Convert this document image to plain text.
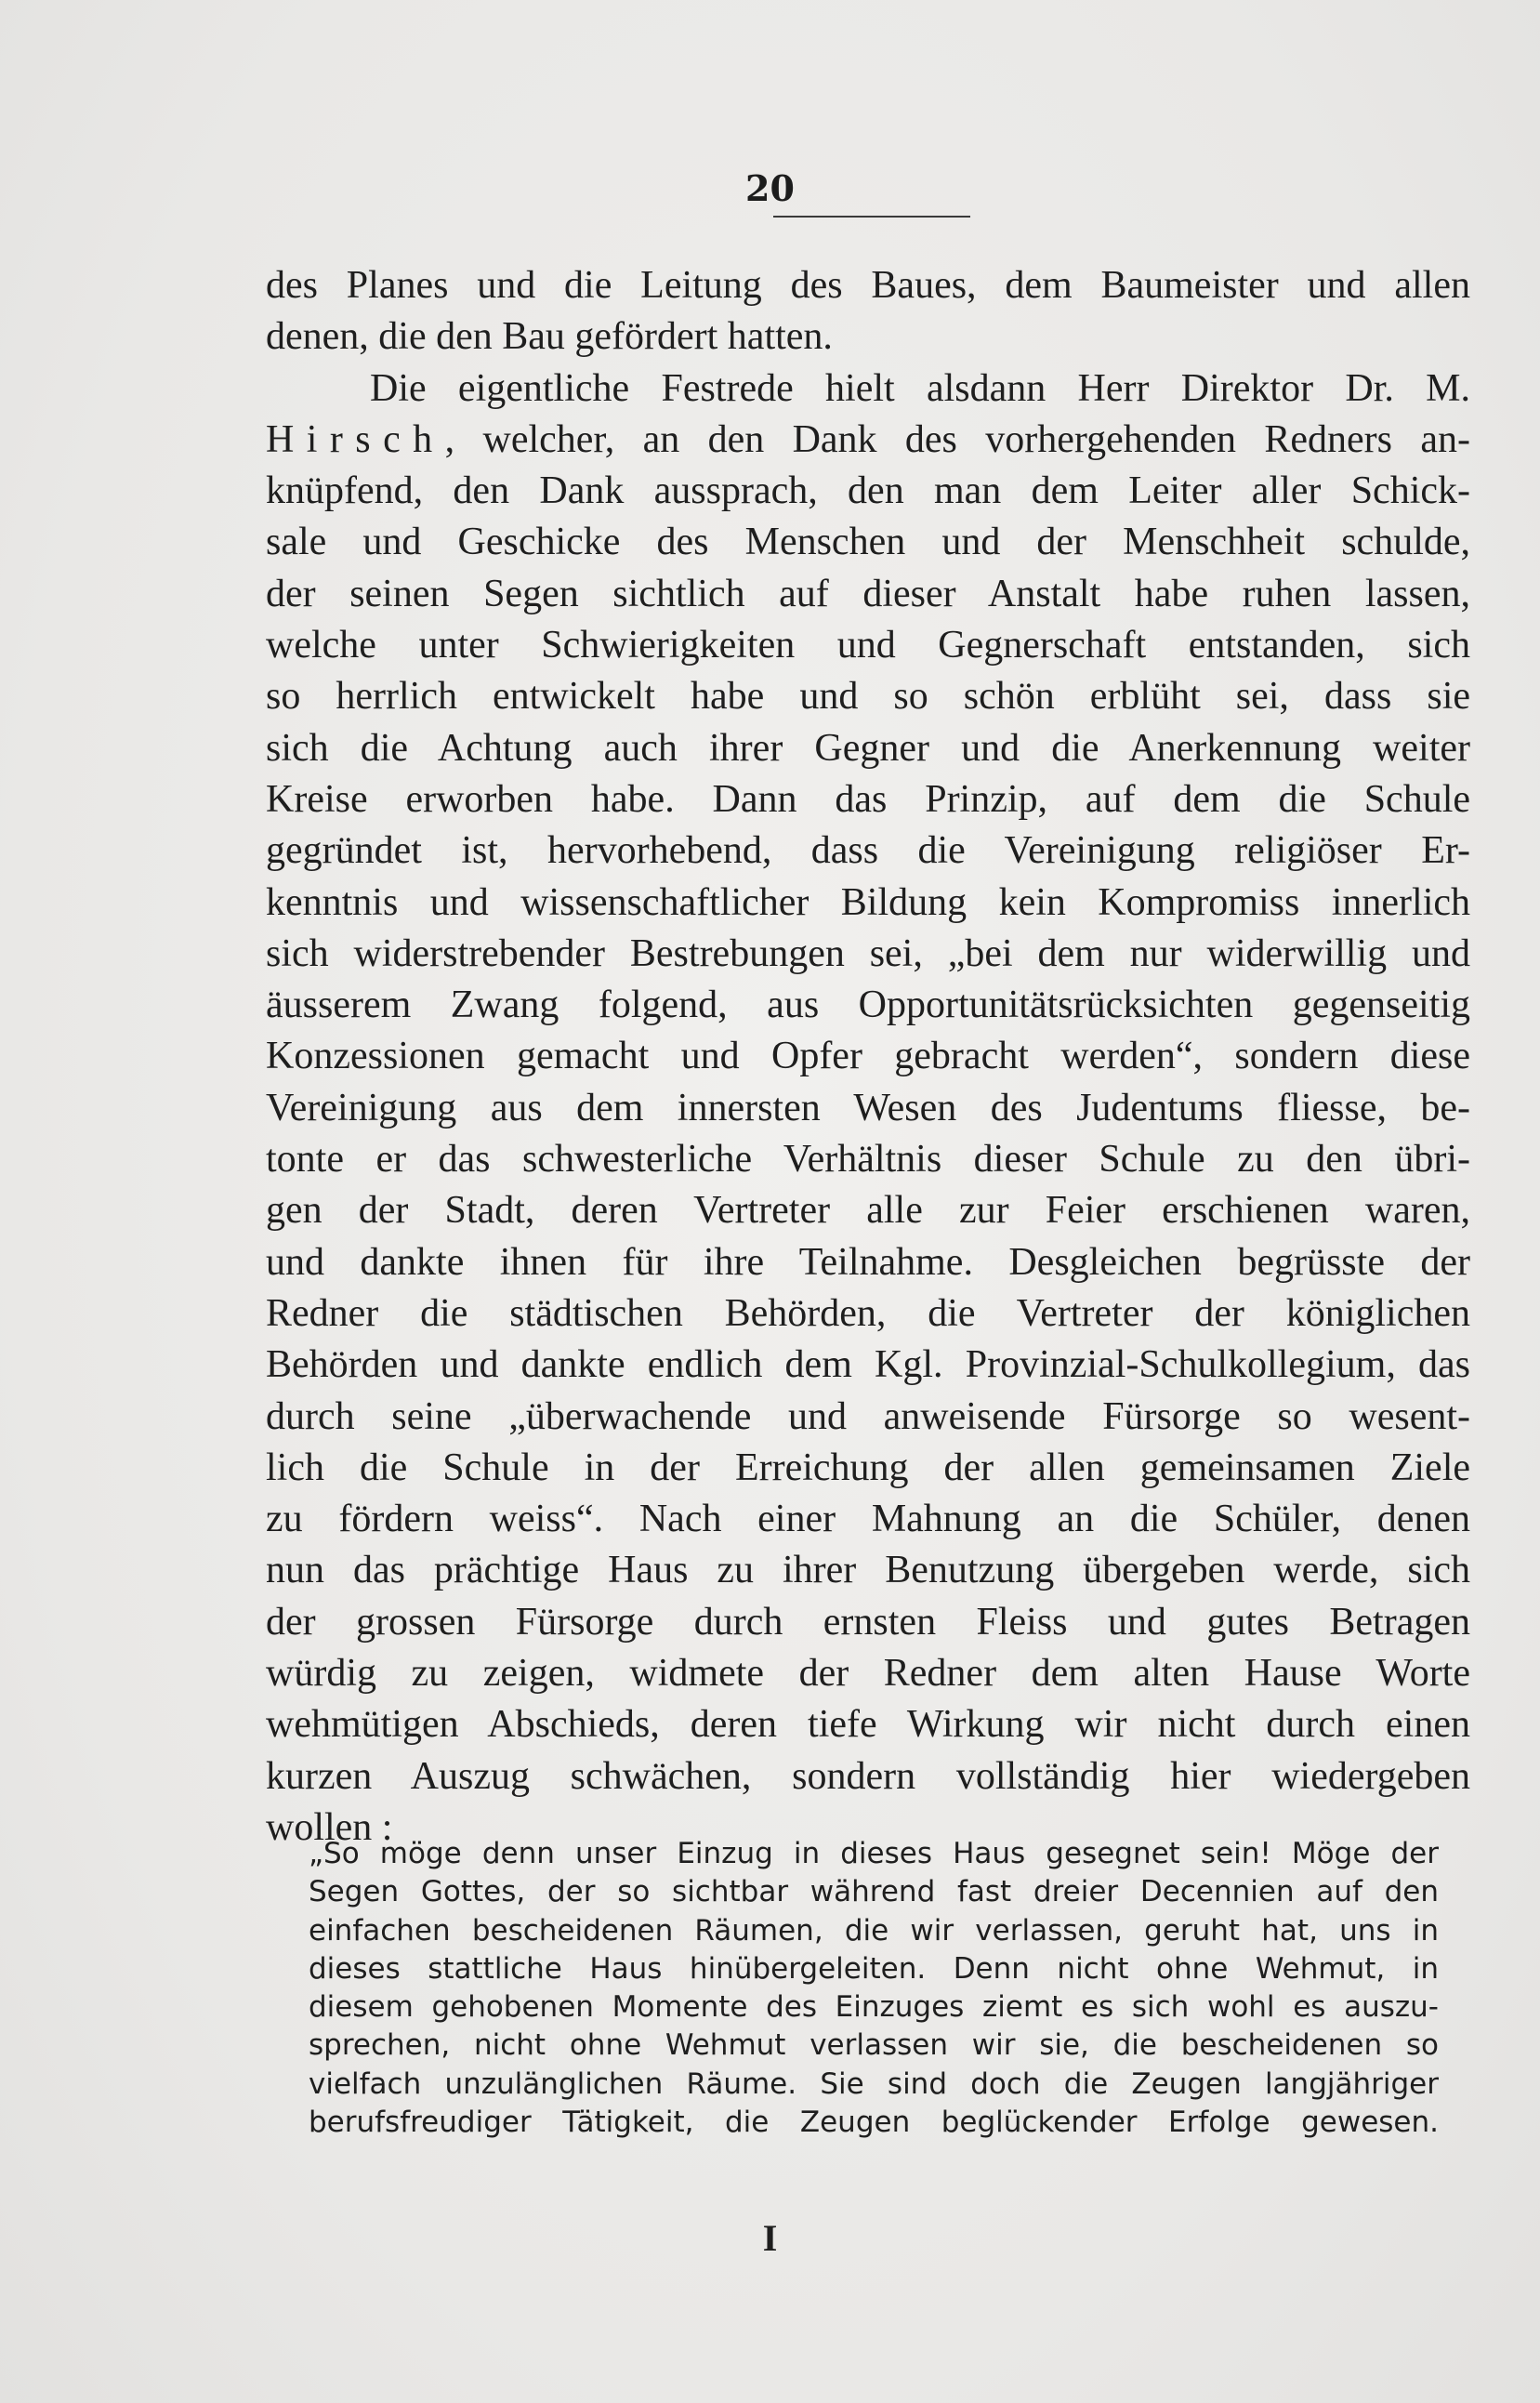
20
des Planes und die Leitung des Baues, dem Baumeister und allen
denen, die den Bau gefördert hatten.
Die eigentliche Festrede hielt alsdann Herr Direktor Dr. M.
Hirsch, welcher, an den Dank des vorhergehenden Redners an-
knüpfend, den Dank aussprach, den man dem Leiter aller Schick-
sale und Geschicke des Menschen und der Menschheit schulde,
der seinen Segen sichtlich auf dieser Anstalt habe ruhen lassen,
welche unter Schwierigkeiten und Gegnerschaft entstanden, sich
so herrlich entwickelt habe und so schön erblüht sei, dass sie
sich die Achtung auch ihrer Gegner und die Anerkennung weiter
Kreise erworben habe. Dann das Prinzip, auf dem die Schule
gegründet ist, hervorhebend, dass die Vereinigung religiöser Er-
kenntnis und wissenschaftlicher Bildung kein Kompromiss innerlich
sich widerstrebender Bestrebungen sei, „bei dem nur widerwillig und
äusserem Zwang folgend, aus Opportunitätsrücksichten gegenseitig
Konzessionen gemacht und Opfer gebracht werden“, sondern diese
Vereinigung aus dem innersten Wesen des Judentums fliesse, be-
tonte er das schwesterliche Verhältnis dieser Schule zu den übri-
gen der Stadt, deren Vertreter alle zur Feier erschienen waren,
und dankte ihnen für ihre Teilnahme. Desgleichen begrüsste der
Redner die städtischen Behörden, die Vertreter der königlichen
Behörden und dankte endlich dem Kgl. Provinzial-Schulkollegium, das
durch seine „überwachende und anweisende Fürsorge so wesent-
lich die Schule in der Erreichung der allen gemeinsamen Ziele
zu fördern weiss“. Nach einer Mahnung an die Schüler, denen
nun das prächtige Haus zu ihrer Benutzung übergeben werde, sich
der grossen Fürsorge durch ernsten Fleiss und gutes Betragen
würdig zu zeigen, widmete der Redner dem alten Hause Worte
wehmütigen Abschieds, deren tiefe Wirkung wir nicht durch einen
kurzen Auszug schwächen, sondern vollständig hier wiedergeben
wollen :
„So möge denn unser Einzug in dieses Haus gesegnet sein! Möge der
Segen Gottes, der so sichtbar während fast dreier Decennien auf den
einfachen bescheidenen Räumen, die wir verlassen, geruht hat, uns in
dieses stattliche Haus hinübergeleiten. Denn nicht ohne Wehmut, in
diesem gehobenen Momente des Einzuges ziemt es sich wohl es auszu-
sprechen, nicht ohne Wehmut verlassen wir sie, die bescheidenen so
vielfach unzulänglichen Räume. Sie sind doch die Zeugen langjähriger
berufsfreudiger Tätigkeit, die Zeugen beglückender Erfolge gewesen.
I
